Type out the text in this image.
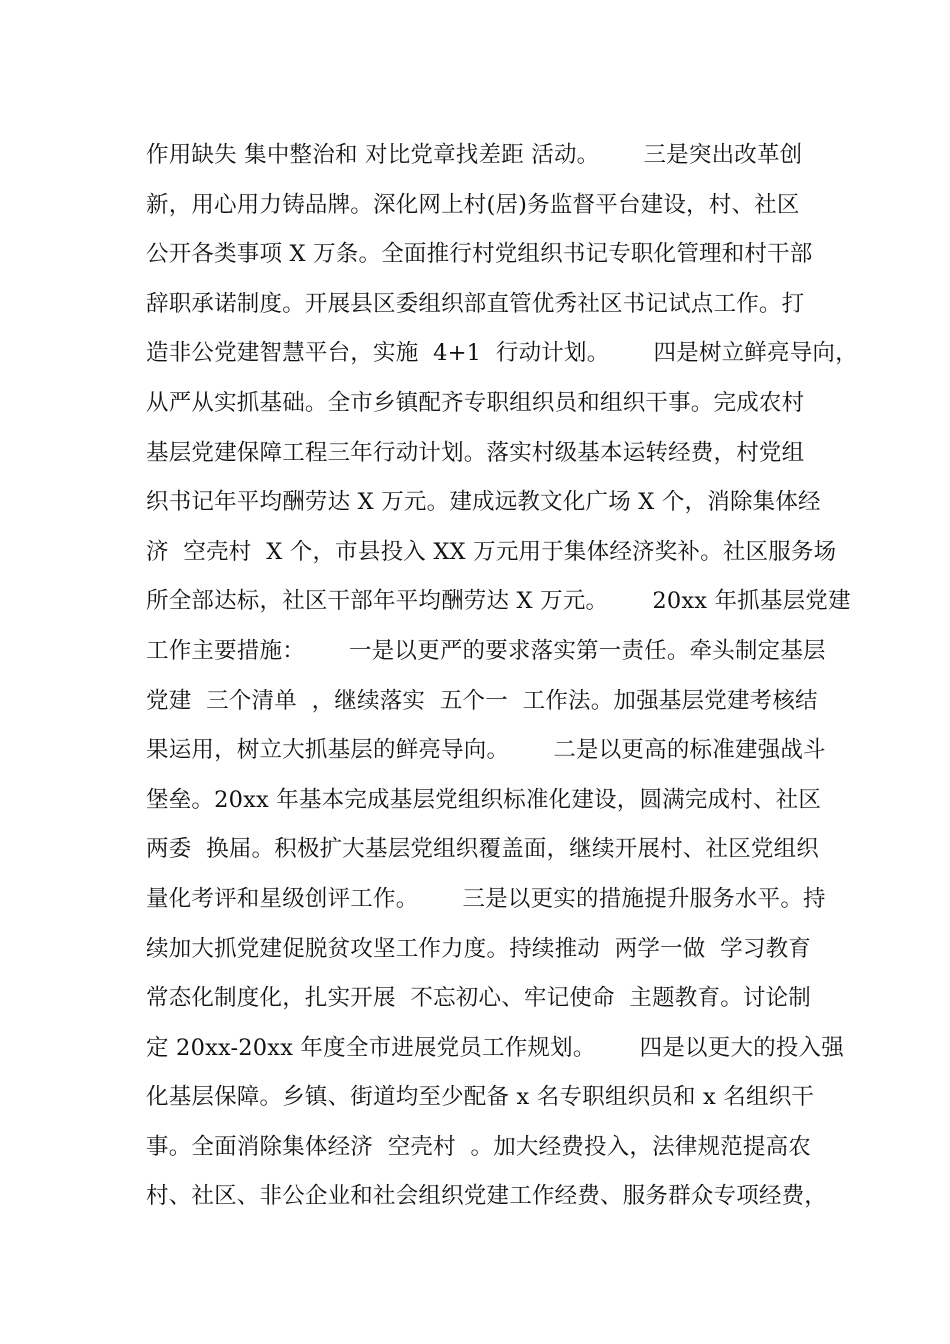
作用缺失 集中整治和 对比党章找差距 活动。      三是突出改革创
新，用心用力铸品牌。深化网上村(居)务监督平台建设，村、社区
公开各类事项 X 万条。全面推行村党组织书记专职化管理和村干部
辞职承诺制度。开展县区委组织部直管优秀社区书记试点工作。打
造非公党建智慧平台，实施  4+1  行动计划。      四是树立鲜亮导向，
从严从实抓基础。全市乡镇配齐专职组织员和组织干事。完成农村
基层党建保障工程三年行动计划。落实村级基本运转经费，村党组
织书记年平均酬劳达 X 万元。建成远教文化广场 X 个，消除集体经
济  空壳村  X 个，市县投入 XX 万元用于集体经济奖补。社区服务场
所全部达标，社区干部年平均酬劳达 X 万元。      20xx 年抓基层党建
工作主要措施：      一是以更严的要求落实第一责任。牵头制定基层
党建  三个清单  ，继续落实  五个一  工作法。加强基层党建考核结
果运用，树立大抓基层的鲜亮导向。      二是以更高的标准建强战斗
堡垒。20xx 年基本完成基层党组织标准化建设，圆满完成村、社区
两委  换届。积极扩大基层党组织覆盖面，继续开展村、社区党组织
量化考评和星级创评工作。      三是以更实的措施提升服务水平。持
续加大抓党建促脱贫攻坚工作力度。持续推动  两学一做  学习教育
常态化制度化，扎实开展  不忘初心、牢记使命  主题教育。讨论制
定 20xx-20xx 年度全市进展党员工作规划。      四是以更大的投入强
化基层保障。乡镇、街道均至少配备 x 名专职组织员和 x 名组织干
事。全面消除集体经济  空壳村  。加大经费投入，法律规范提高农
村、社区、非公企业和社会组织党建工作经费、服务群众专项经费，
